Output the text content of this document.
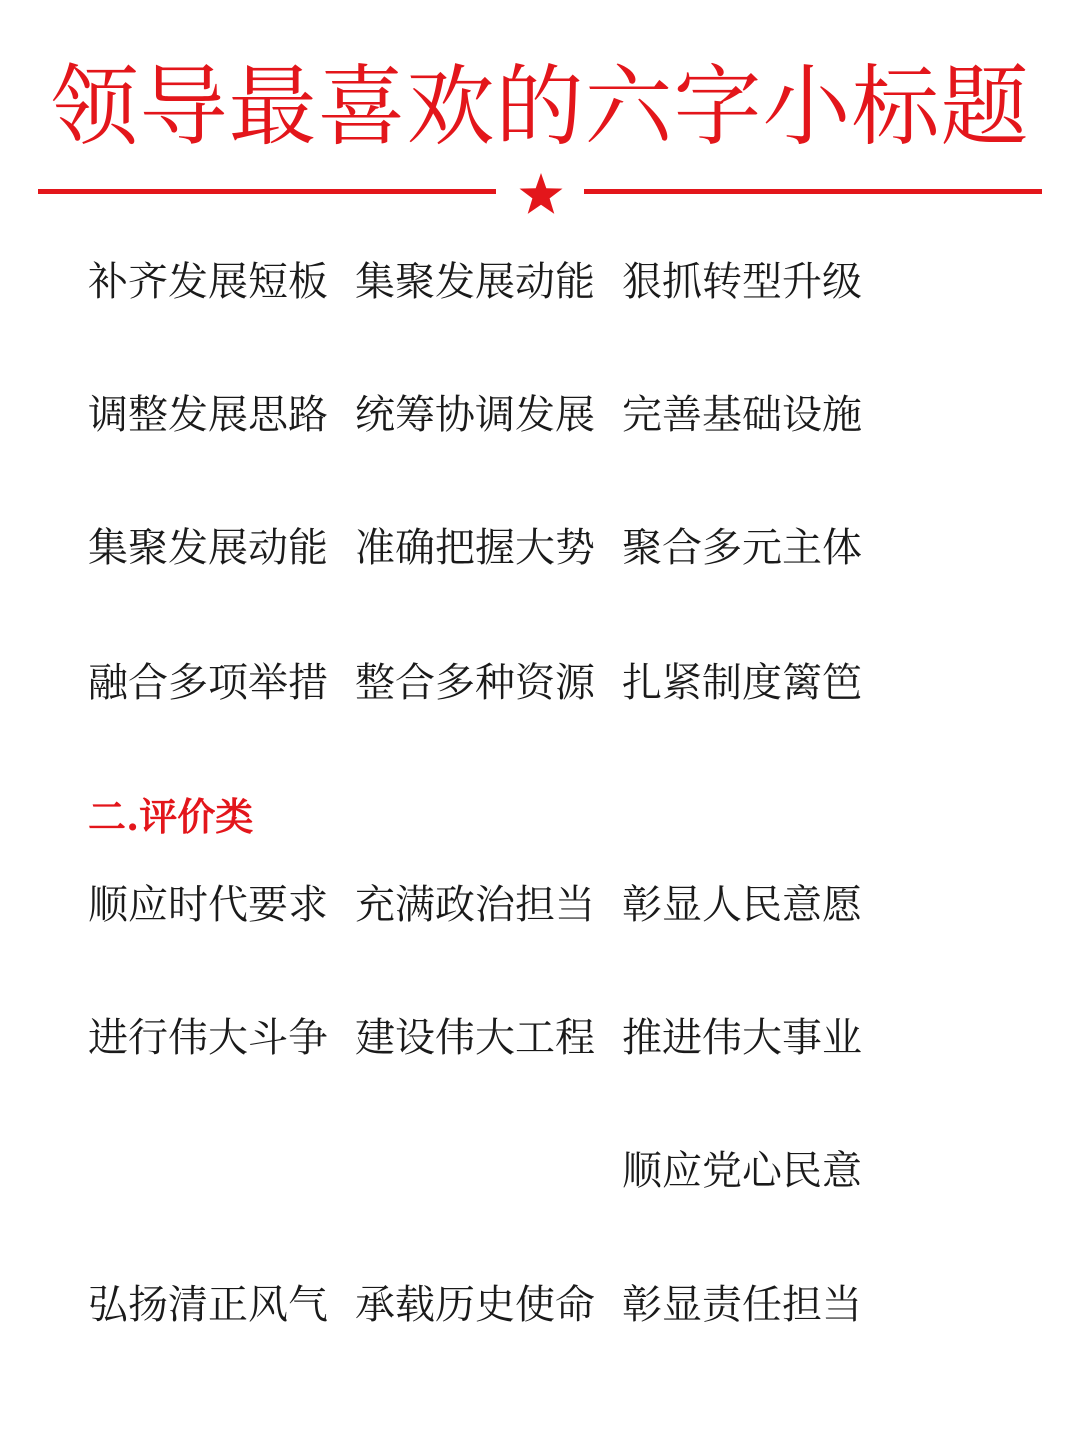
领导最喜欢的六字小标题
补齐发展短板 集聚发展动能 狠抓转型升级
调整发展思路 统筹协调发展 完善基础设施
集聚发展动能 准确把握大势 聚合多元主体
融合多项举措 整合多种资源 扎紧制度篱笆
二.评价类
顺应时代要求 充满政治担当 彰显人民意愿
进行伟大斗争 建设伟大工程 推进伟大事业
顺应党心民意
弘扬清正风气 承载历史使命 彰显责任担当
